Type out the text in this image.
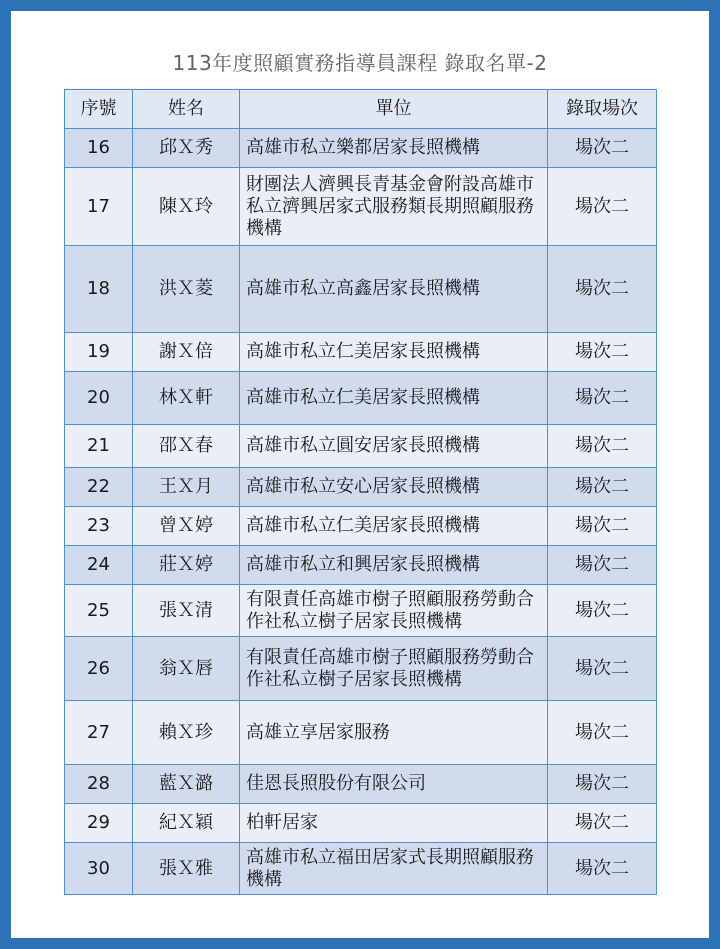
113年度照顧實務指導員課程 錄取名單-2
序號	姓名	單位	錄取場次
16	邱Ｘ秀	高雄市私立樂都居家長照機構	場次二
17	陳Ｘ玲	財團法人濟興長青基金會附設高雄市私立濟興居家式服務類長期照顧服務機構	場次二
18	洪Ｘ菱	高雄市私立高鑫居家長照機構	場次二
19	謝Ｘ倍	高雄市私立仁美居家長照機構	場次二
20	林Ｘ軒	高雄市私立仁美居家長照機構	場次二
21	邵Ｘ春	高雄市私立圓安居家長照機構	場次二
22	王Ｘ月	高雄市私立安心居家長照機構	場次二
23	曾Ｘ婷	高雄市私立仁美居家長照機構	場次二
24	莊Ｘ婷	高雄市私立和興居家長照機構	場次二
25	張Ｘ清	有限責任高雄市樹子照顧服務勞動合作社私立樹子居家長照機構	場次二
26	翁Ｘ唇	有限責任高雄市樹子照顧服務勞動合作社私立樹子居家長照機構	場次二
27	賴Ｘ珍	高雄立享居家服務	場次二
28	藍Ｘ潞	佳恩長照股份有限公司	場次二
29	紀Ｘ穎	柏軒居家	場次二
30	張Ｘ雅	高雄市私立福田居家式長期照顧服務機構	場次二
